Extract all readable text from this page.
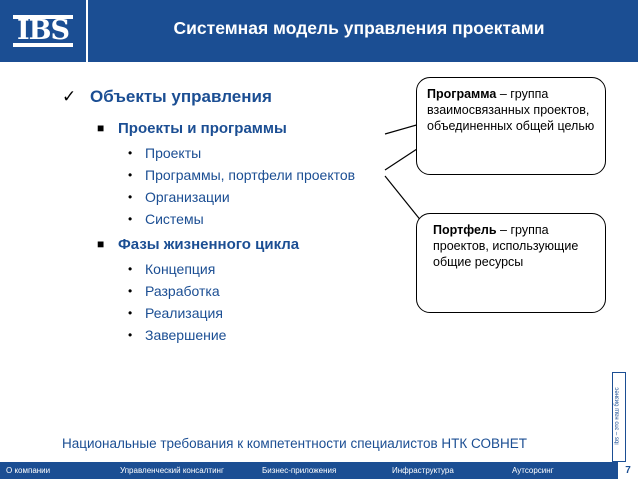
IBS	Системная модель управления проектами
✓ Объекты управления
■ Проекты и программы
• Проекты
• Программы, портфели проектов
• Организации
• Системы
■ Фазы жизненного цикла
• Концепция
• Разработка
• Реализация
• Завершение
Программа – группа взаимосвязанных проектов, объединенных общей целью
Портфель – группа проектов, использующие общие ресурсы
Национальные требования к компетентности специалистов НТК СОВНЕТ	ibs – это наш бизнес
О компании	Управленческий консалтинг	Бизнес-приложения	Инфраструктура	Аутсорсинг	7
